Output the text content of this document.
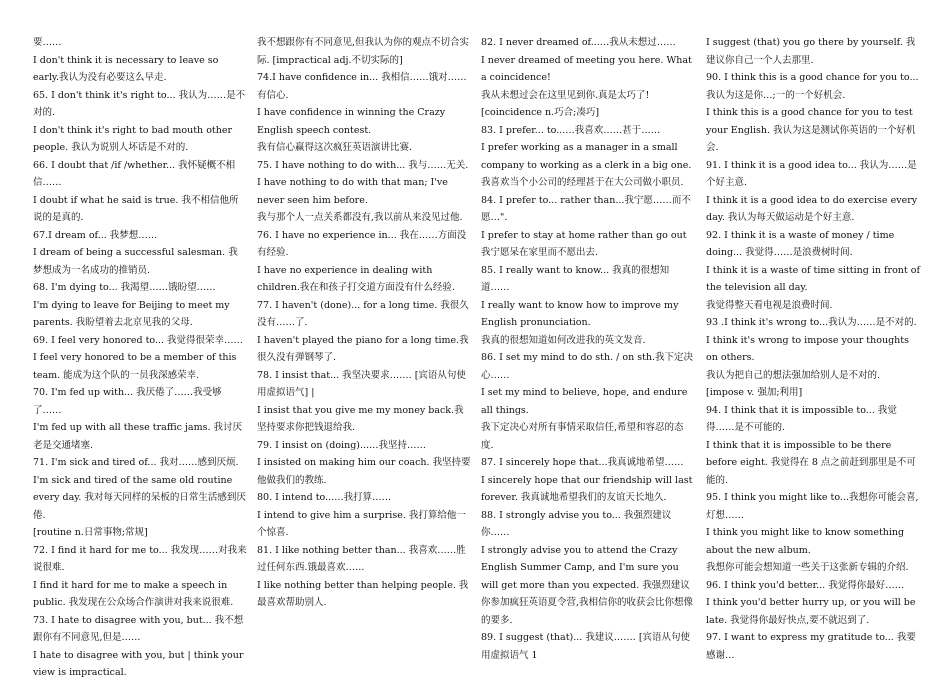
要……

I don't think it is necessary to leave so early.我认为没有必要这么早走.

65. I don't think it's right to... 我认为……是不对的.

I don't think it's right to bad mouth other people. 我认为说别人坏话是不对的.

66. I doubt that /if /whether... 我怀疑概不相信……

I doubt if what he said is true. 我不相信他所说的是真的.

67.I dream of... 我梦想……

I dream of being a successful salesman. 我梦想成为一名成功的推销员.

68. I'm dying to... 我渴望……饿盼望……

I'm dying to leave for Beijing to meet my parents. 我盼望着去北京见我的父母.

69. I feel very honored to... 我觉得很荣幸……

I feel very honored to be a member of this team. 能成为这个队的一员我深感荣幸.

70. I'm fed up with... 我厌倦了……我受够了……

I'm fed up with all these traffic jams. 我讨厌老是交通堵塞.

71. I'm sick and tired of... 我对……感到厌烦.

I'm sick and tired of the same old routine every day. 我对每天同样的呆板的日常生活感到厌倦.

[routine n.日常事物;常规]

72. I find it hard for me to... 我发现……对我来说很难.

I find it hard for me to make a speech in public. 我发现在公众场合作演讲对我来说很难.

73. I hate to disagree with you, but... 我不想跟你有不同意见,但是……

I hate to disagree with you, but | think your view is impractical.

我不想跟你有不同意见,但我认为你的观点不切合实际. [impractical adj.不切实际的]

74.I have confidence in... 我相信……饿对……有信心.

I have confidence in winning the Crazy English speech contest.

我有信心赢得这次疯狂英语演讲比赛.

75. I have nothing to do with... 我与……无关.

I have nothing to do with that man; I've never seen him before.

我与那个人一点关系都没有,我以前从来没见过他.

76. I have no experience in... 我在……方面没有经验.

I have no experience in dealing with children.我在和孩子打交道方面没有什么经验.

77. I haven't (done)... for a long time. 我很久没有……了.

I haven't played the piano for a long time.我很久没有弹钢琴了.

78. I insist that... 我坚决要求……. [宾语从句使用虚拟语气] |

I insist that you give me my money back.我坚持要求你把钱退给我.

79. I insist on (doing)...…我坚持……

I insisted on making him our coach. 我坚持要他做我们的教练.

80. I intend to...…我打算……

I intend to give him a surprise. 我打算给他一个惊喜.

81. I like nothing better than... 我喜欢……胜过任何东西.饿最喜欢……

I like nothing better than helping people. 我最喜欢帮助别人.

82. I never dreamed of...…我从未想过……

I never dreamed of meeting you here. What a coincidence!

我从未想过会在这里见到你.真是太巧了!

[coincidence n.巧合;凑巧]

83. I prefer... to...…我喜欢……甚于……

I prefer working as a manager in a small company to working as a clerk in a big one.

我喜欢当个小公司的经理甚于在大公司做小职员.

84. I prefer to... rather than...我宁愿……而不愿…".

I prefer to stay at home rather than go out 我宁愿呆在家里而不愿出去.

85. I really want to know... 我真的很想知道……

I really want to know how to improve my English pronunciation.

我真的很想知道如何改进我的英文发音.

86. I set my mind to do sth. / on sth.我下定决心……

I set my mind to believe, hope, and endure all things.

我下定决心对所有事情采取信任,希望和容忍的态度.

87. I sincerely hope that...我真诚地希望……

I sincerely hope that our friendship will last forever. 我真诚地希望我们的友谊天长地久.

88. I strongly advise you to... 我强烈建议你……

I strongly advise you to attend the Crazy English Summer Camp, and I'm sure you will get more than you expected. 我强烈建议你参加疯狂英语夏令营,我相信你的收获会比你想像的要多.

89. I suggest (that)... 我建议……. [宾语从句使用虚拟语气 1

I suggest (that) you go there by yourself. 我建议你自己一个人去那里.

90. I think this is a good chance for you to... 我认为这是你…;一的一个好机会.

I think this is a good chance for you to test your English. 我认为这是测试你英语的一个好机会.

91. I think it is a good idea to... 我认为……是个好主意.

I think it is a good idea to do exercise every day. 我认为每天做运动是个好主意.

92. I think it is a waste of money / time doing... 我觉得……是浪费树时间.

I think it is a waste of time sitting in front of the television all day.

我觉得整天看电视是浪费时间.

93 .I think it's wrong to...我认为……是不对的.

I think it's wrong to impose your thoughts on others.

我认为把自己的想法强加给别人是不对的.

[impose v. 强加;利用]

94. I think that it is impossible to... 我觉得……是不可能的.

I think that it is impossible to be there before eight. 我觉得在 8 点之前赶到那里是不可能的.

95. I think you might like to...我想你可能会喜,灯想……

I think you might like to know something about the new album.

我想你可能会想知道一些关于这张新专辑的介绍.

96. I think you'd better... 我觉得你最好……

I think you'd better hurry up, or you will be late. 我觉得你最好快点,要不就迟到了.

97. I want to express my gratitude to... 我要感谢…
